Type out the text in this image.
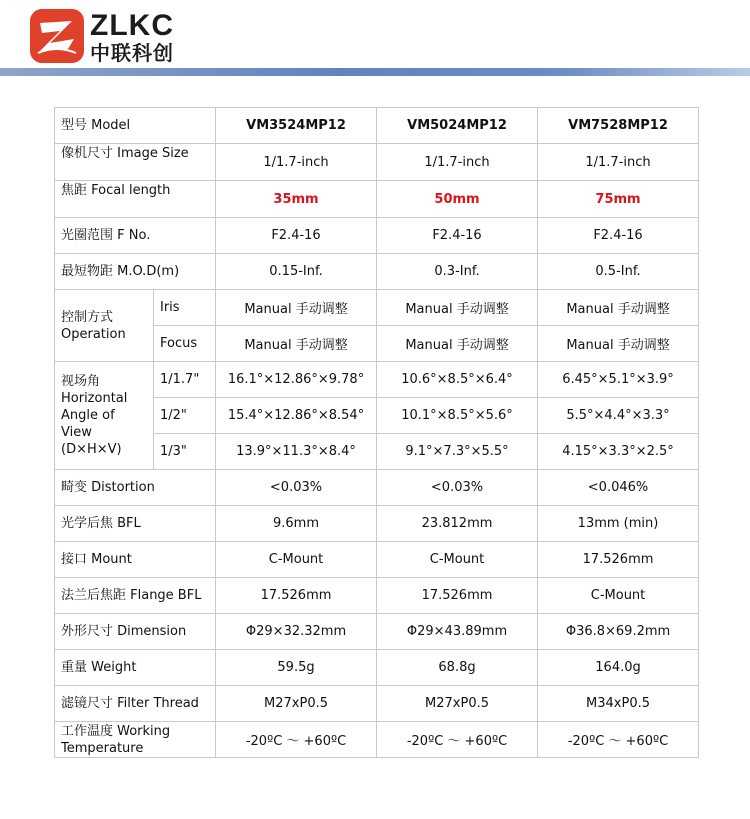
ZLKC
中联科创
型号 Model		VM3524MP12	VM5024MP12	VM7528MP12
像机尺寸 Image Size		1/1.7-inch	1/1.7-inch	1/1.7-inch
焦距 Focal length		35mm	50mm	75mm
光圈范围 F No.		F2.4-16	F2.4-16	F2.4-16
最短物距 M.O.D(m)		0.15-Inf.	0.3-Inf.	0.5-Inf.

控制方式
Operation	Iris	Manual 手动调整	Manual 手动调整	Manual 手动调整
	Focus	Manual 手动调整	Manual 手动调整	Manual 手动调整

视场角
Horizontal
Angle of
View
(D×H×V)	1/1.7"	16.1°×12.86°×9.78°	10.6°×8.5°×6.4°	6.45°×5.1°×3.9°
	1/2"	15.4°×12.86°×8.54°	10.1°×8.5°×5.6°	5.5°×4.4°×3.3°
	1/3"	13.9°×11.3°×8.4°	9.1°×7.3°×5.5°	4.15°×3.3°×2.5°
畸变 Distortion		<0.03%	<0.03%	<0.046%
光学后焦 BFL		9.6mm	23.812mm	13mm (min)
接口 Mount		C-Mount	C-Mount	17.526mm
法兰后焦距 Flange BFL		17.526mm	17.526mm	C-Mount
外形尺寸 Dimension		Φ29×32.32mm	Φ29×43.89mm	Φ36.8×69.2mm
重量 Weight		59.5g	68.8g	164.0g
滤镜尺寸 Filter Thread		M27xP0.5	M27xP0.5	M34xP0.5

工作温度 Working
Temperature		-20ºC ～ +60ºC	-20ºC ～ +60ºC	-20ºC ～ +60ºC
